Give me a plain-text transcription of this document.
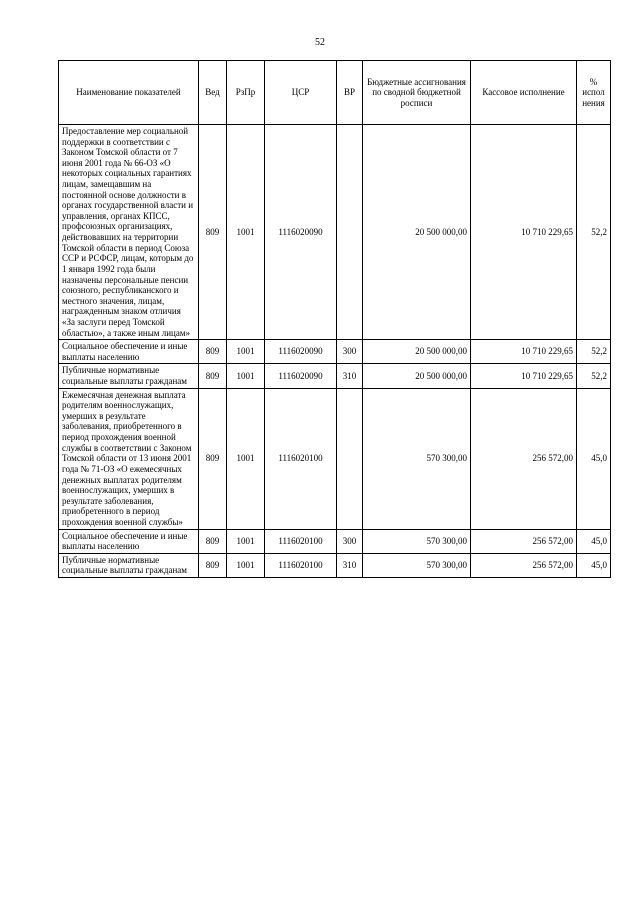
52
Наименование показателей	Вед	РзПр	ЦСР	ВР	Бюджетные ассигнования по сводной бюджетной росписи	Кассовое исполнение	% испол нения
Предоставление мер социальной поддержки в соответствии с Законом Томской области от 7 июня 2001 года № 66-ОЗ «О некоторых социальных гарантиях лицам, замещавшим на постоянной основе должности в органах государственной власти и управления, органах КПСС, профсоюзных организациях, действовавших на территории Томской области в период Союза ССР и РСФСР, лицам, которым до 1 января 1992 года были назначены персональные пенсии союзного, республиканского и местного значения, лицам, награжденным знаком отличия «За заслуги перед Томской областью», а также иным лицам»	809	1001	1116020090		20 500 000,00	10 710 229,65	52,2
Социальное обеспечение и иные выплаты населению	809	1001	1116020090	300	20 500 000,00	10 710 229,65	52,2
Публичные нормативные социальные выплаты гражданам	809	1001	1116020090	310	20 500 000,00	10 710 229,65	52,2
Ежемесячная денежная выплата родителям военнослужащих, умерших в результате заболевания, приобретенного в период прохождения военной службы в соответствии с Законом Томской области от 13 июня 2001 года № 71-ОЗ «О ежемесячных денежных выплатах родителям военнослужащих, умерших в результате заболевания, приобретенного в период прохождения военной службы»	809	1001	1116020100		570 300,00	256 572,00	45,0
Социальное обеспечение и иные выплаты населению	809	1001	1116020100	300	570 300,00	256 572,00	45,0
Публичные нормативные социальные выплаты гражданам	809	1001	1116020100	310	570 300,00	256 572,00	45,0
